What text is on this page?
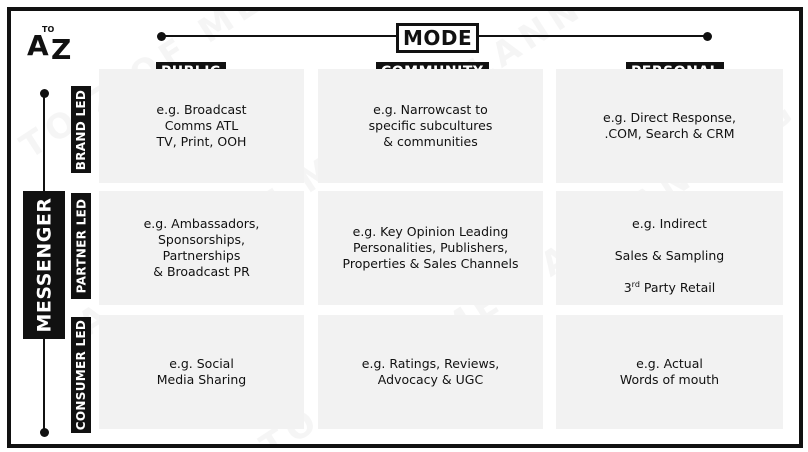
A
TO
Z	MODE
MESSENGER
BRAND LED
PARTNER LED
CONSUMER LED
e.g. Broadcast
Comms ATL
TV, Print, OOH
e.g. Narrowcast to
specific subcultures
& communities
e.g. Direct Response,
.COM, Search & CRM
e.g. Ambassadors,
Sponsorships,
Partnerships
& Broadcast PR
e.g. Key Opinion Leading
Personalities, Publishers,
Properties & Sales Channels

e.g. Indirect

Sales & Sampling

3rd Party Retail

e.g. Social
Media Sharing
e.g. Ratings, Reviews,
Advocacy & UGC
e.g. Actual
Words of mouth
